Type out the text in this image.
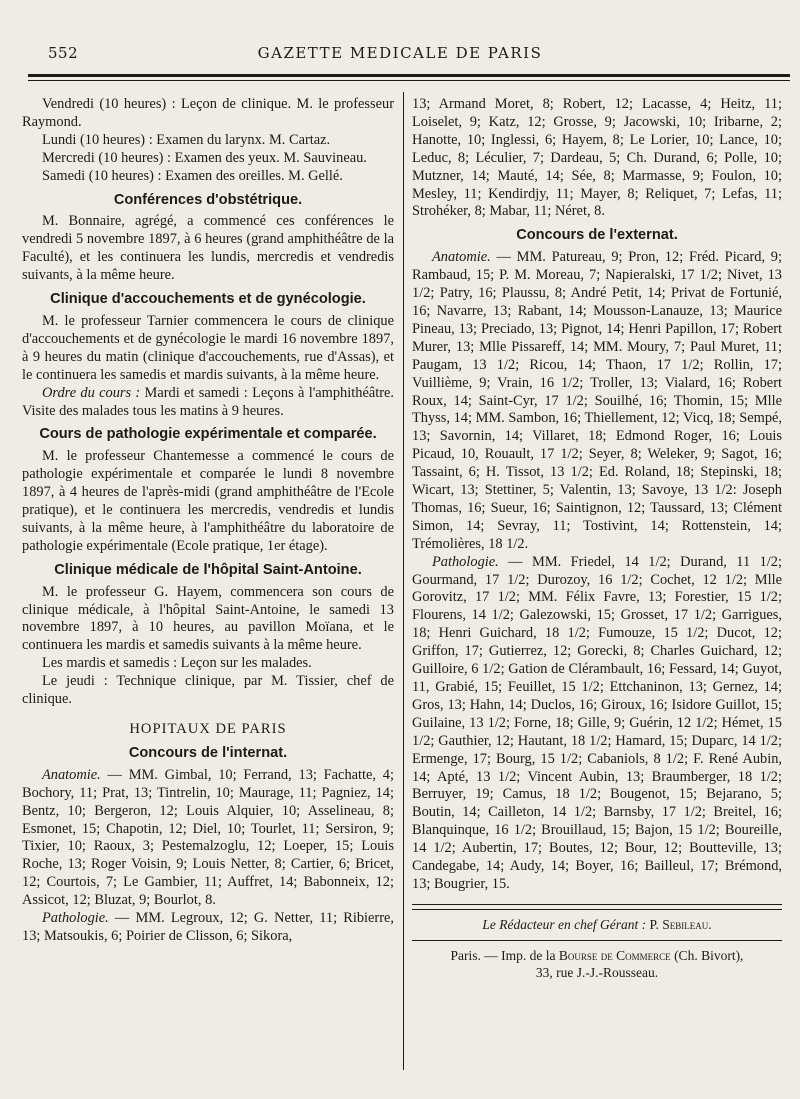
552	GAZETTE MEDICALE DE PARIS

Vendredi (10 heures) : Leçon de clinique. M. le professeur Raymond.

Lundi (10 heures) : Examen du larynx. M. Cartaz.

Mercredi (10 heures) : Examen des yeux. M. Sauvineau.

Samedi (10 heures) : Examen des oreilles. M. Gellé.

Conférences d'obstétrique.

M. Bonnaire, agrégé, a commencé ces conférences le vendredi 5 novembre 1897, à 6 heures (grand amphithéâtre de la Faculté), et les continuera les lundis, mercredis et vendredis suivants, à la même heure.

Clinique d'accouchements et de gynécologie.

M. le professeur Tarnier commencera le cours de clinique d'accouchements et de gynécologie le mardi 16 novembre 1897, à 9 heures du matin (clinique d'accouchements, rue d'Assas), et le continuera les samedis et mardis suivants, à la même heure.

Ordre du cours : Mardi et samedi : Leçons à l'amphithéâtre. Visite des malades tous les matins à 9 heures.

Cours de pathologie expérimentale et comparée.

M. le professeur Chantemesse a commencé le cours de pathologie expérimentale et comparée le lundi 8 novembre 1897, à 4 heures de l'après-midi (grand amphithéâtre de l'Ecole pratique), et le continuera les mercredis, vendredis et lundis suivants, à la même heure, à l'amphithéâtre du laboratoire de pathologie expérimentale (Ecole pratique, 1er étage).

Clinique médicale de l'hôpital Saint-Antoine.

M. le professeur G. Hayem, commencera son cours de clinique médicale, à l'hôpital Saint-Antoine, le samedi 13 novembre 1897, à 10 heures, au pavillon Moïana, et le continuera les mardis et samedis suivants à la même heure.

Les mardis et samedis : Leçon sur les malades.

Le jeudi : Technique clinique, par M. Tissier, chef de clinique.

HOPITAUX DE PARIS
Concours de l'internat.

Anatomie. — MM. Gimbal, 10; Ferrand, 13; Fachatte, 4; Bochory, 11; Prat, 13; Tintrelin, 10; Maurage, 11; Pagniez, 14; Bentz, 10; Bergeron, 12; Louis Alquier, 10; Asselineau, 8; Esmonet, 15; Chapotin, 12; Diel, 10; Tourlet, 11; Sersiron, 9; Tixier, 10; Raoux, 3; Pestemalzoglu, 12; Loeper, 15; Louis Roche, 13; Roger Voisin, 9; Louis Netter, 8; Cartier, 6; Bricet, 12; Courtois, 7; Le Gambier, 11; Auffret, 14; Babonneix, 12; Assicot, 12; Bluzat, 9; Bourlot, 8.

Pathologie. — MM. Legroux, 12; G. Netter, 11; Ribierre, 13; Matsoukis, 6; Poirier de Clisson, 6; Sikora,

13; Armand Moret, 8; Robert, 12; Lacasse, 4; Heitz, 11; Loiselet, 9; Katz, 12; Grosse, 9; Jacowski, 10; Iribarne, 2; Hanotte, 10; Inglessi, 6; Hayem, 8; Le Lorier, 10; Lance, 10; Leduc, 8; Léculier, 7; Dardeau, 5; Ch. Durand, 6; Polle, 10; Mutzner, 14; Mauté, 14; Sée, 8; Marmasse, 9; Foulon, 10; Mesley, 11; Kendirdjy, 11; Mayer, 8; Reliquet, 7; Lefas, 11; Strohéker, 8; Mabar, 11; Néret, 8.

Concours de l'externat.

Anatomie. — MM. Patureau, 9; Pron, 12; Fréd. Picard, 9; Rambaud, 15; P. M. Moreau, 7; Napieralski, 17 1/2; Nivet, 13 1/2; Patry, 16; Plaussu, 8; André Petit, 14; Privat de Fortunié, 16; Navarre, 13; Rabant, 14; Mousson-Lanauze, 13; Maurice Pineau, 13; Preciado, 13; Pignot, 14; Henri Papillon, 17; Robert Murer, 13; Mlle Pissareff, 14; MM. Moury, 7; Paul Muret, 11; Paugam, 13 1/2; Ricou, 14; Thaon, 17 1/2; Rollin, 17; Vuillième, 9; Vrain, 16 1/2; Troller, 13; Vialard, 16; Robert Roux, 14; Saint-Cyr, 17 1/2; Souilhé, 16; Thomin, 15; Mlle Thyss, 14; MM. Sambon, 16; Thiellement, 12; Vicq, 18; Sempé, 13; Savornin, 14; Villaret, 18; Edmond Roger, 16; Louis Picaud, 10, Rouault, 17 1/2; Seyer, 8; Weleker, 9; Sagot, 16; Tassaint, 6; H. Tissot, 13 1/2; Ed. Roland, 18; Stepinski, 18; Wicart, 13; Stettiner, 5; Valentin, 13; Savoye, 13 1/2: Joseph Thomas, 16; Sueur, 16; Saintignon, 12; Taussard, 13; Clément Simon, 14; Sevray, 11; Tostivint, 14; Rottenstein, 14; Trémolières, 18 1/2.

Pathologie. — MM. Friedel, 14 1/2; Durand, 11 1/2; Gourmand, 17 1/2; Durozoy, 16 1/2; Cochet, 12 1/2; Mlle Gorovitz, 17 1/2; MM. Félix Favre, 13; Forestier, 15 1/2; Flourens, 14 1/2; Galezowski, 15; Grosset, 17 1/2; Garrigues, 18; Henri Guichard, 18 1/2; Fumouze, 15 1/2; Ducot, 12; Griffon, 17; Gutierrez, 12; Gorecki, 8; Charles Guichard, 12; Guilloire, 6 1/2; Gation de Clérambault, 16; Fessard, 14; Guyot, 11, Grabié, 15; Feuillet, 15 1/2; Ettchaninon, 13; Gernez, 14; Gros, 13; Hahn, 14; Duclos, 16; Giroux, 16; Isidore Guillot, 15; Guilaine, 13 1/2; Forne, 18; Gille, 9; Guérin, 12 1/2; Hémet, 15 1/2; Gauthier, 12; Hautant, 18 1/2; Hamard, 15; Duparc, 14 1/2; Ermenge, 17; Bourg, 15 1/2; Cabaniols, 8 1/2; F. René Aubin, 14; Apté, 13 1/2; Vincent Aubin, 13; Braumberger, 18 1/2; Berruyer, 19; Camus, 18 1/2; Bougenot, 15; Bejarano, 5; Boutin, 14; Cailleton, 14 1/2; Barnsby, 17 1/2; Breitel, 16; Blanquinque, 16 1/2; Brouillaud, 15; Bajon, 15 1/2; Boureille, 14 1/2; Aubertin, 17; Boutes, 12; Bour, 12; Boutteville, 13; Candegabe, 14; Audy, 14; Boyer, 16; Bailleul, 17; Brémond, 13; Bougrier, 15.

Le Rédacteur en chef Gérant : P. Sebileau.
Paris. — Imp. de la Bourse de Commerce (Ch. Bivort),
33, rue J.-J.-Rousseau.
